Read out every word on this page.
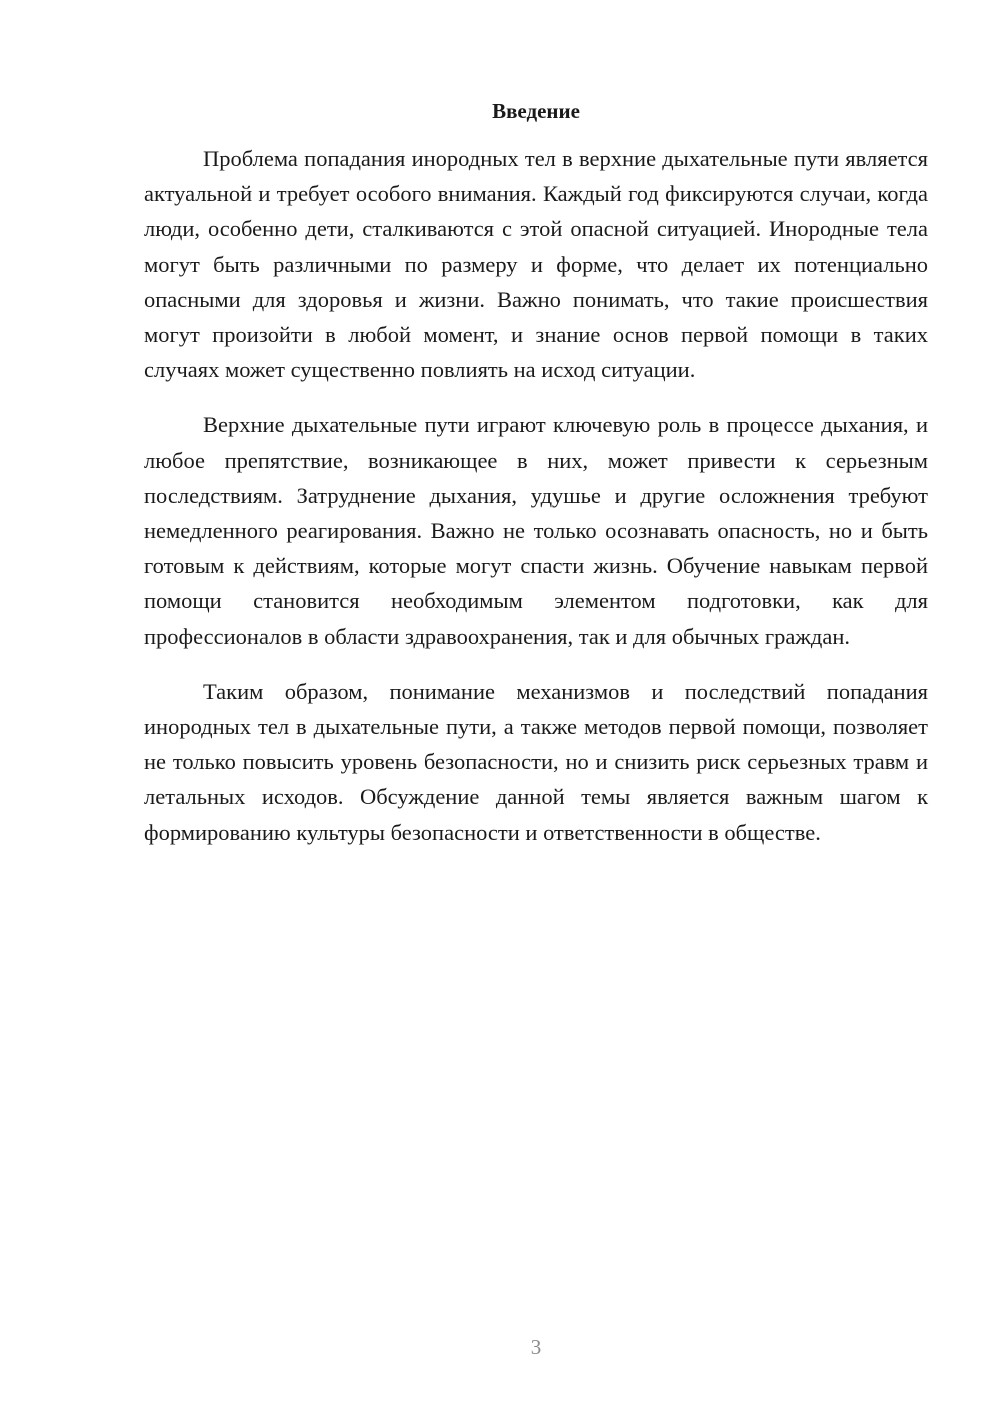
Введение

Проблема попадания инородных тел в верхние дыхательные пути является актуальной и требует особого внимания. Каждый год фиксируются случаи, когда люди, особенно дети, сталкиваются с этой опасной ситуацией. Инородные тела могут быть различными по размеру и форме, что делает их потенциально опасными для здоровья и жизни. Важно понимать, что такие происшествия могут произойти в любой момент, и знание основ первой помощи в таких случаях может существенно повлиять на исход ситуации.

Верхние дыхательные пути играют ключевую роль в процессе дыхания, и любое препятствие, возникающее в них, может привести к серьезным последствиям. Затруднение дыхания, удушье и другие осложнения требуют немедленного реагирования. Важно не только осознавать опасность, но и быть готовым к действиям, которые могут спасти жизнь. Обучение навыкам первой помощи становится необходимым элементом подготовки, как для профессионалов в области здравоохранения, так и для обычных граждан.

Таким образом, понимание механизмов и последствий попадания инородных тел в дыхательные пути, а также методов первой помощи, позволяет не только повысить уровень безопасности, но и снизить риск серьезных травм и летальных исходов. Обсуждение данной темы является важным шагом к формированию культуры безопасности и ответственности в обществе.

3
